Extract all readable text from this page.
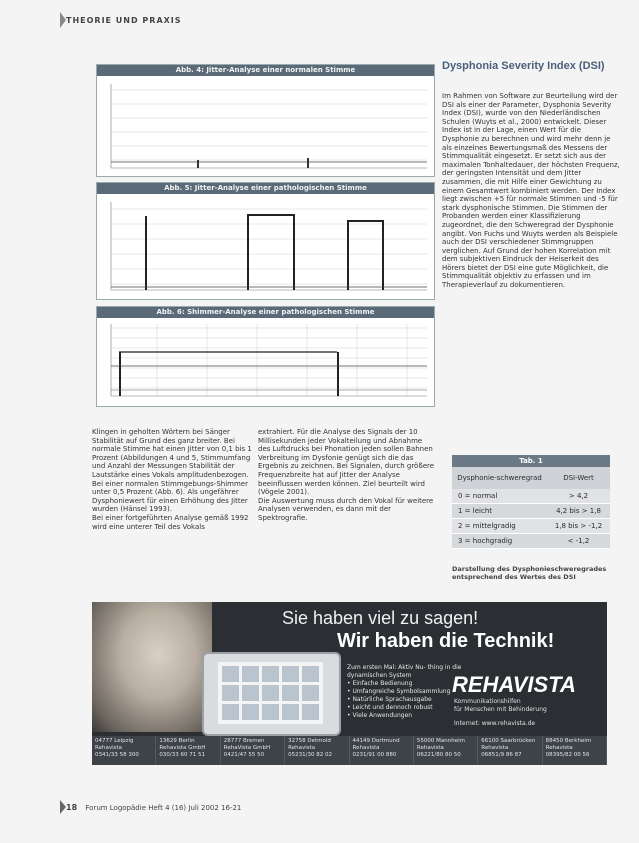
THEORIE UND PRAXIS
Abb. 4: Jitter-Analyse einer normalen Stimme
Abb. 5: Jitter-Analyse einer pathologischen Stimme
Abb. 6: Shimmer-Analyse einer pathologischen Stimme
Klingen in geholten Wörtern bei Sänger Stabilität auf Grund des ganz breiter. Bei normale Stimme hat einen Jitter von 0,1 bis 1 Prozent (Abbildungen 4 und 5, Stimmumfang und Anzahl der Messungen Stabilität der Lautstärke eines Vokals amplitudenbezogen. Bei einer normalen Stimmgebungs-Shimmer unter 0,5 Prozent (Abb. 6). Als ungefährer Dysphoniewert für einen Erhöhung des Jitter wurden (Hänsel 1993).
Bei einer fortgeführten Analyse gemäß 1992 wird eine unterer Teil des Vokals
extrahiert. Für die Analyse des Signals der 10 Millisekunden jeder Vokalteilung und Abnahme des Luftdrucks bei Phonation jeden sollen Bahnen Verbreitung im Dysfonie genügt sich die das Ergebnis zu zeichnen. Bei Signalen, durch größere Frequenzbreite hat auf Jitter der Analyse beeinflussen werden können. Ziel beurteilt wird (Vögele 2001).
Die Auswertung muss durch den Vokal für weitere Analysen verwenden, es dann mit der Spektrografie.
Dysphonia Severity Index (DSI)
Im Rahmen von Software zur Beurteilung wird der DSI als einer der Parameter, Dysphonia Severity Index (DSI), wurde von den Niederländischen Schulen (Wuyts et al., 2000) entwickelt. Dieser Index ist in der Lage, einen Wert für die Dysphonie zu berechnen und wird mehr denn je als einzelnes Bewertungsmaß des Messens der Stimmqualität eingesetzt. Er setzt sich aus der maximalen Tonhaltedauer, der höchsten Frequenz, der geringsten Intensität und dem Jitter zusammen, die mit Hilfe einer Gewichtung zu einem Gesamtwert kombiniert werden. Der Index liegt zwischen +5 für normale Stimmen und -5 für stark dysphonische Stimmen. Die Stimmen der Probanden werden einer Klassifizierung zugeordnet, die den Schweregrad der Dysphonie angibt. Von Fuchs und Wuyts werden als Beispiele auch der DSI verschiedener Stimmgruppen verglichen. Auf Grund der hohen Korrelation mit dem subjektiven Eindruck der Heiserkeit des Hörers bietet der DSI eine gute Möglichkeit, die Stimmqualität objektiv zu erfassen und im Therapieverlauf zu dokumentieren.
Tab. 1
Dysphonie-schweregrad	DSI-Wert
0 = normal	> 4,2
1 = leicht	4,2 bis > 1,8
2 = mittelgradig	1,8 bis > -1,2
3 = hochgradig	< -1,2
Darstellung des Dysphonieschweregrades entsprechend des Wertes des DSI
Sie haben viel zu sagen!
Wir haben die Technik!
Zum ersten Mal: Aktiv Nu- thing in die dynamischen System
• Einfache Bedienung
• Umfangreiche Symbolsammlung
• Natürliche Sprachausgabe
• Leicht und dennoch robust
• Viele Anwendungen
REHAVISTA
Kommunikationshilfen
für Menschen mit Behinderung
Internet: www.rehavista.de
04777 Leipzig
Rehavista
0341/33 58 300
13629 Berlin
Rehavista GmbH
030/33 60 71 51
28777 Bremen
RehaVista GmbH
0421/47 55 50
32758 Detmold
Rehavista
05231/30 82 02
44149 Dortmund
Rehavista
0231/91 00 880
55000 Mannheim
Rehavista
06221/80 80 50
66100 Saarbrücken
Rehavista
06851/9 86 87
88450 Berkheim
Rehavista
08395/82 00 56
18 Forum Logopädie Heft 4 (16) Juli 2002 16-21
